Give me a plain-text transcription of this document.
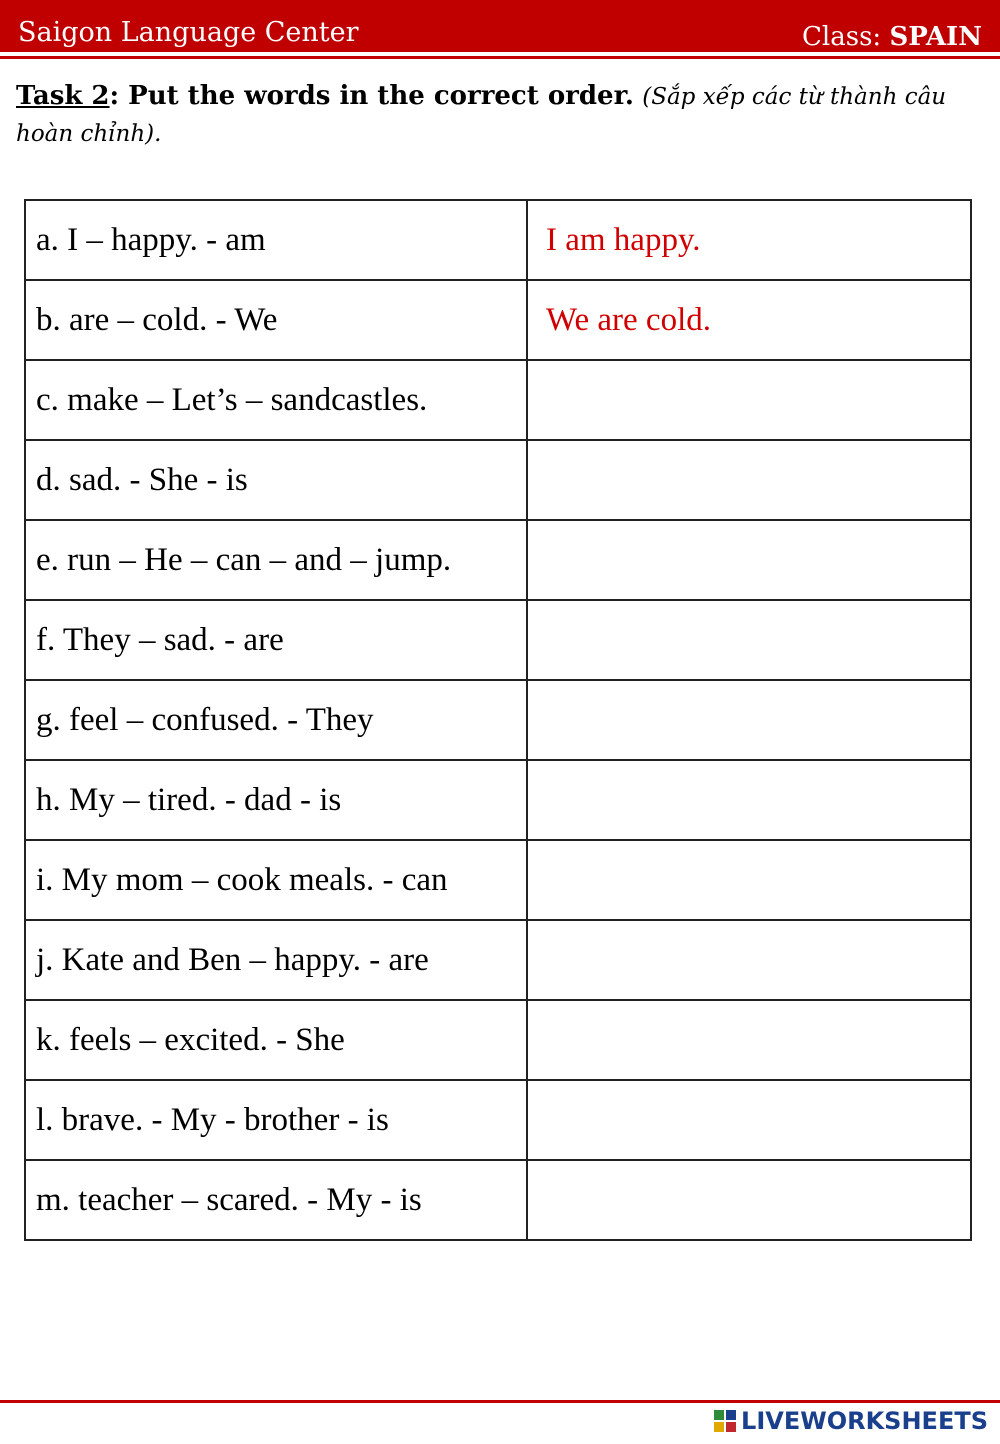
Saigon Language Center	Class: SPAIN
Task 2: Put the words in the correct order. (Sắp xếp các từ thành câu hoàn chỉnh).
a. I – happy. - am	I am happy.
b. are – cold. - We	We are cold.
c. make – Let’s – sandcastles.	
d. sad. - She - is	
e. run – He – can – and – jump.	
f. They – sad. - are	
g. feel – confused. - They	
h. My – tired. - dad - is	
i. My mom – cook meals. - can	
j. Kate and Ben – happy. - are	
k. feels – excited. - She	
l. brave. - My - brother - is	
m. teacher – scared. - My - is	
LIVEWORKSHEETS
